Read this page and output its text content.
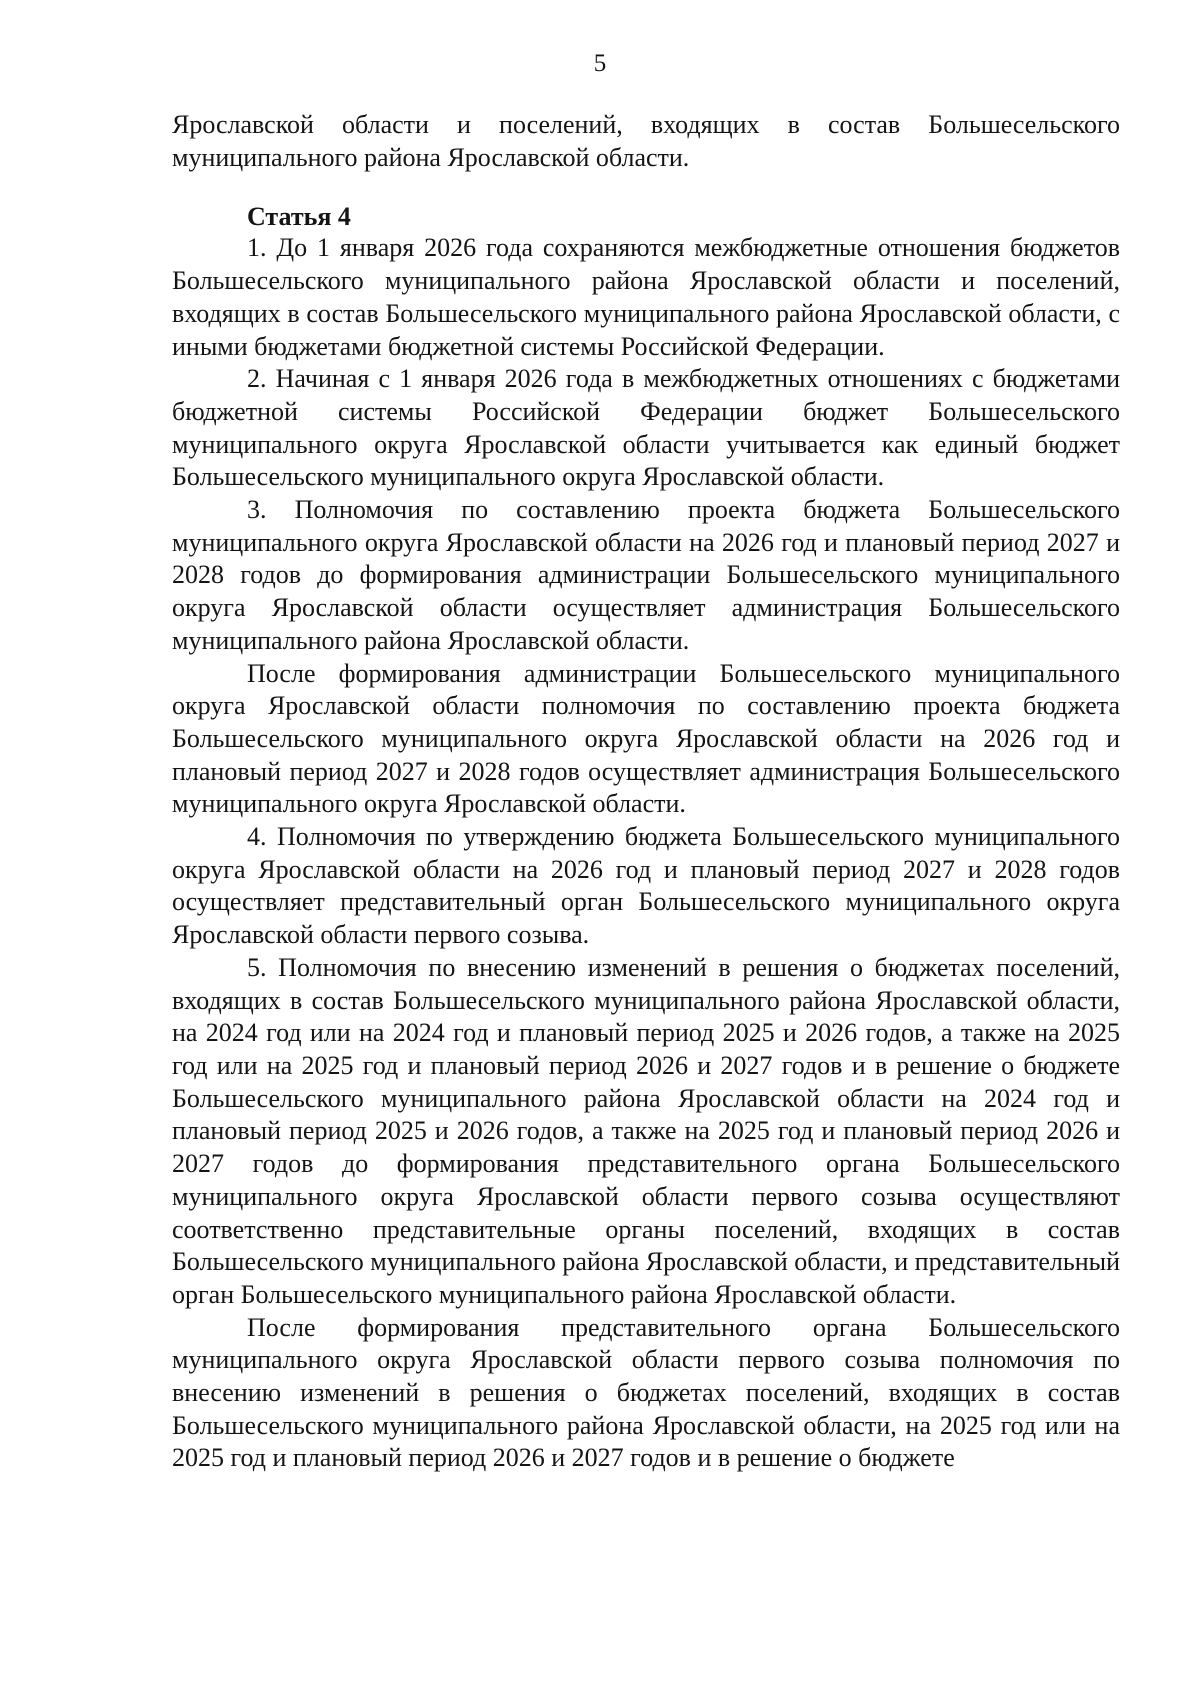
5

Ярославской области и поселений, входящих в состав Большесельского муниципального района Ярославской области.

Статья 4

1. До 1 января 2026 года сохраняются межбюджетные отношения бюджетов Большесельского муниципального района Ярославской области и поселений, входящих в состав Большесельского муниципального района Ярославской области, с иными бюджетами бюджетной системы Российской Федерации.

2. Начиная с 1 января 2026 года в межбюджетных отношениях с бюджетами бюджетной системы Российской Федерации бюджет Большесельского муниципального округа Ярославской области учитывается как единый бюджет Большесельского муниципального округа Ярославской области.

3. Полномочия по составлению проекта бюджета Большесельского муниципального округа Ярославской области на 2026 год и плановый период 2027 и 2028 годов до формирования администрации Большесельского муниципального округа Ярославской области осуществляет администрация Большесельского муниципального района Ярославской области.

После формирования администрации Большесельского муниципального округа Ярославской области полномочия по составлению проекта бюджета Большесельского муниципального округа Ярославской области на 2026 год и плановый период 2027 и 2028 годов осуществляет администрация Большесельского муниципального округа Ярославской области.

4. Полномочия по утверждению бюджета Большесельского муниципального округа Ярославской области на 2026 год и плановый период 2027 и 2028 годов осуществляет представительный орган Большесельского муниципального округа Ярославской области первого созыва.

5. Полномочия по внесению изменений в решения о бюджетах поселений, входящих в состав Большесельского муниципального района Ярославской области, на 2024 год или на 2024 год и плановый период 2025 и 2026 годов, а также на 2025 год или на 2025 год и плановый период 2026 и 2027 годов и в решение о бюджете Большесельского муниципального района Ярославской области на 2024 год и плановый период 2025 и 2026 годов, а также на 2025 год и плановый период 2026 и 2027 годов до формирования представительного органа Большесельского муниципального округа Ярославской области первого созыва осуществляют соответственно представительные органы поселений, входящих в состав Большесельского муниципального района Ярославской области, и представительный орган Большесельского муниципального района Ярославской области.

После формирования представительного органа Большесельского муниципального округа Ярославской области первого созыва полномочия по внесению изменений в решения о бюджетах поселений, входящих в состав Большесельского муниципального района Ярославской области, на 2025 год или на 2025 год и плановый период 2026 и 2027 годов и в решение о бюджете
